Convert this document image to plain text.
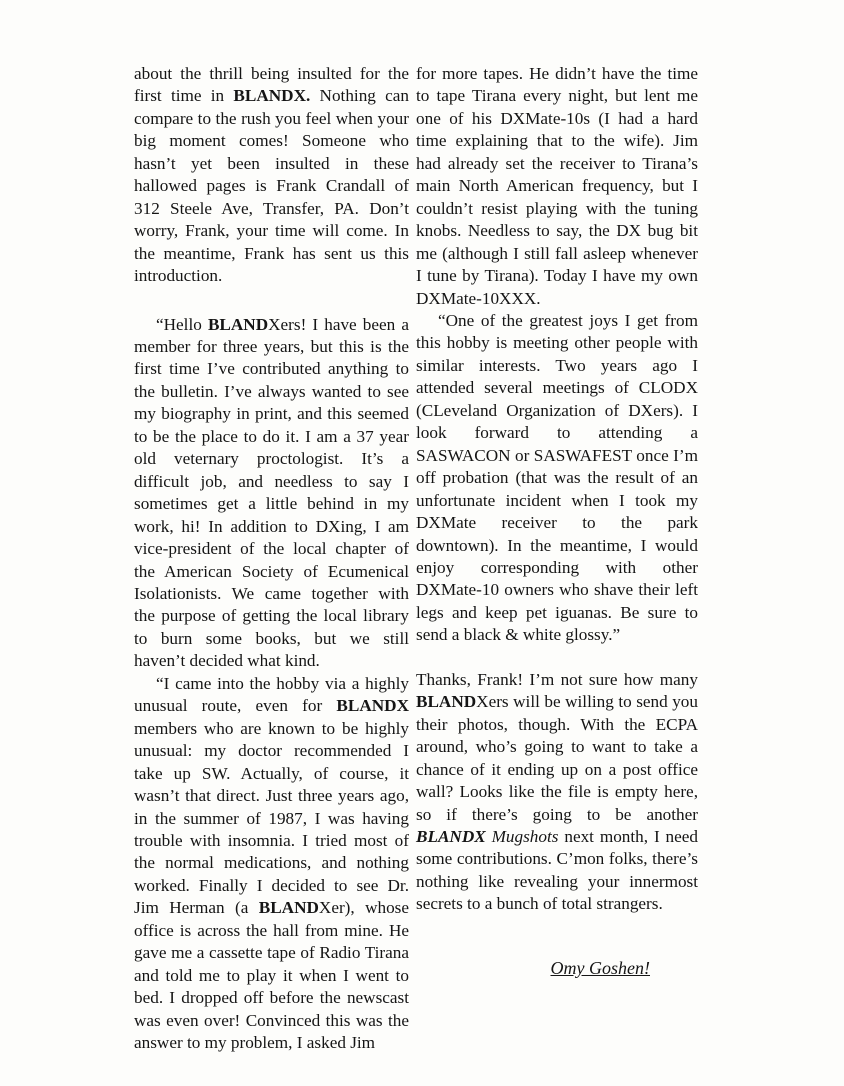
about the thrill being insulted for the first time in BLANDX. Nothing can compare to the rush you feel when your big moment comes! Someone who hasn’t yet been insulted in these hallowed pages is Frank Crandall of 312 Steele Ave, Transfer, PA. Don’t worry, Frank, your time will come. In the meantime, Frank has sent us this introduction.

“Hello BLANDXers! I have been a member for three years, but this is the first time I’ve contributed anything to the bulletin. I’ve always wanted to see my biography in print, and this seemed to be the place to do it. I am a 37 year old veternary proctologist. It’s a difficult job, and needless to say I sometimes get a little behind in my work, hi! In addition to DXing, I am vice-president of the local chapter of the American Society of Ecumenical Isolationists. We came together with the purpose of getting the local library to burn some books, but we still haven’t decided what kind.

“I came into the hobby via a highly unusual route, even for BLANDX members who are known to be highly unusual: my doctor recommended I take up SW. Actually, of course, it wasn’t that direct. Just three years ago, in the summer of 1987, I was having trouble with insomnia. I tried most of the normal medications, and nothing worked. Finally I decided to see Dr. Jim Herman (a BLANDXer), whose office is across the hall from mine. He gave me a cassette tape of Radio Tirana and told me to play it when I went to bed. I dropped off before the newscast was even over! Convinced this was the answer to my problem, I asked Jim

for more tapes. He didn’t have the time to tape Tirana every night, but lent me one of his DXMate-10s (I had a hard time explaining that to the wife). Jim had already set the receiver to Tirana’s main North American frequency, but I couldn’t resist playing with the tuning knobs. Needless to say, the DX bug bit me (although I still fall asleep whenever I tune by Tirana). Today I have my own DXMate-10XXX.

“One of the greatest joys I get from this hobby is meeting other people with similar interests. Two years ago I attended several meetings of CLODX (CLeveland Organization of DXers). I look forward to attending a SASWACON or SASWAFEST once I’m off probation (that was the result of an unfortunate incident when I took my DXMate receiver to the park downtown). In the meantime, I would enjoy corresponding with other DXMate-10 owners who shave their left legs and keep pet iguanas. Be sure to send a black & white glossy.”

Thanks, Frank! I’m not sure how many BLANDXers will be willing to send you their photos, though. With the ECPA around, who’s going to want to take a chance of it ending up on a post office wall? Looks like the file is empty here, so if there’s going to be another BLANDX Mugshots next month, I need some contributions. C’mon folks, there’s nothing like revealing your innermost secrets to a bunch of total strangers.

Omy Goshen!
